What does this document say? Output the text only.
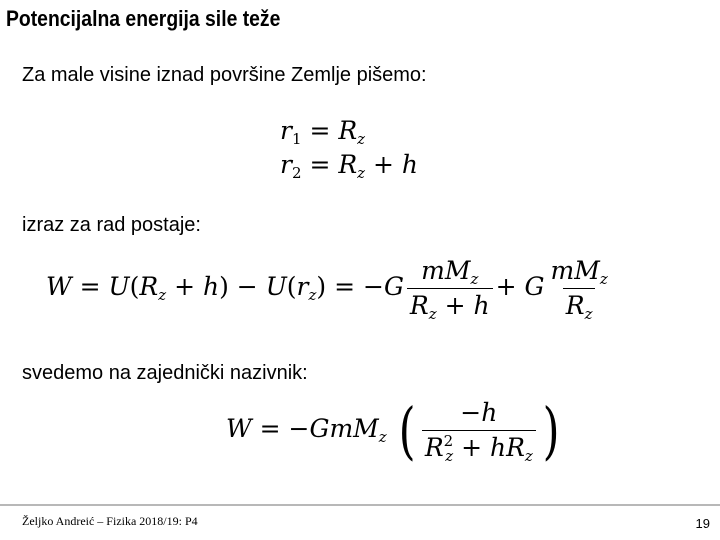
Potencijalna energija sile teže
Za male visine iznad površine Zemlje pišemo:
$r_1 = R_z$
$r_2 = R_z + h$
izraz za rad postaje:
$W = U(R_z + h) - U(r_z) = -G \frac{mM_z}{R_z + h} + G \frac{mM_z}{R_z}$
svedemo na zajednički nazivnik:
W = −GmM$_z$ ( $\frac{-h}{R^2_z + hR_z}$ )
Željko Andreić – Fizika 2018/19: P4	19
